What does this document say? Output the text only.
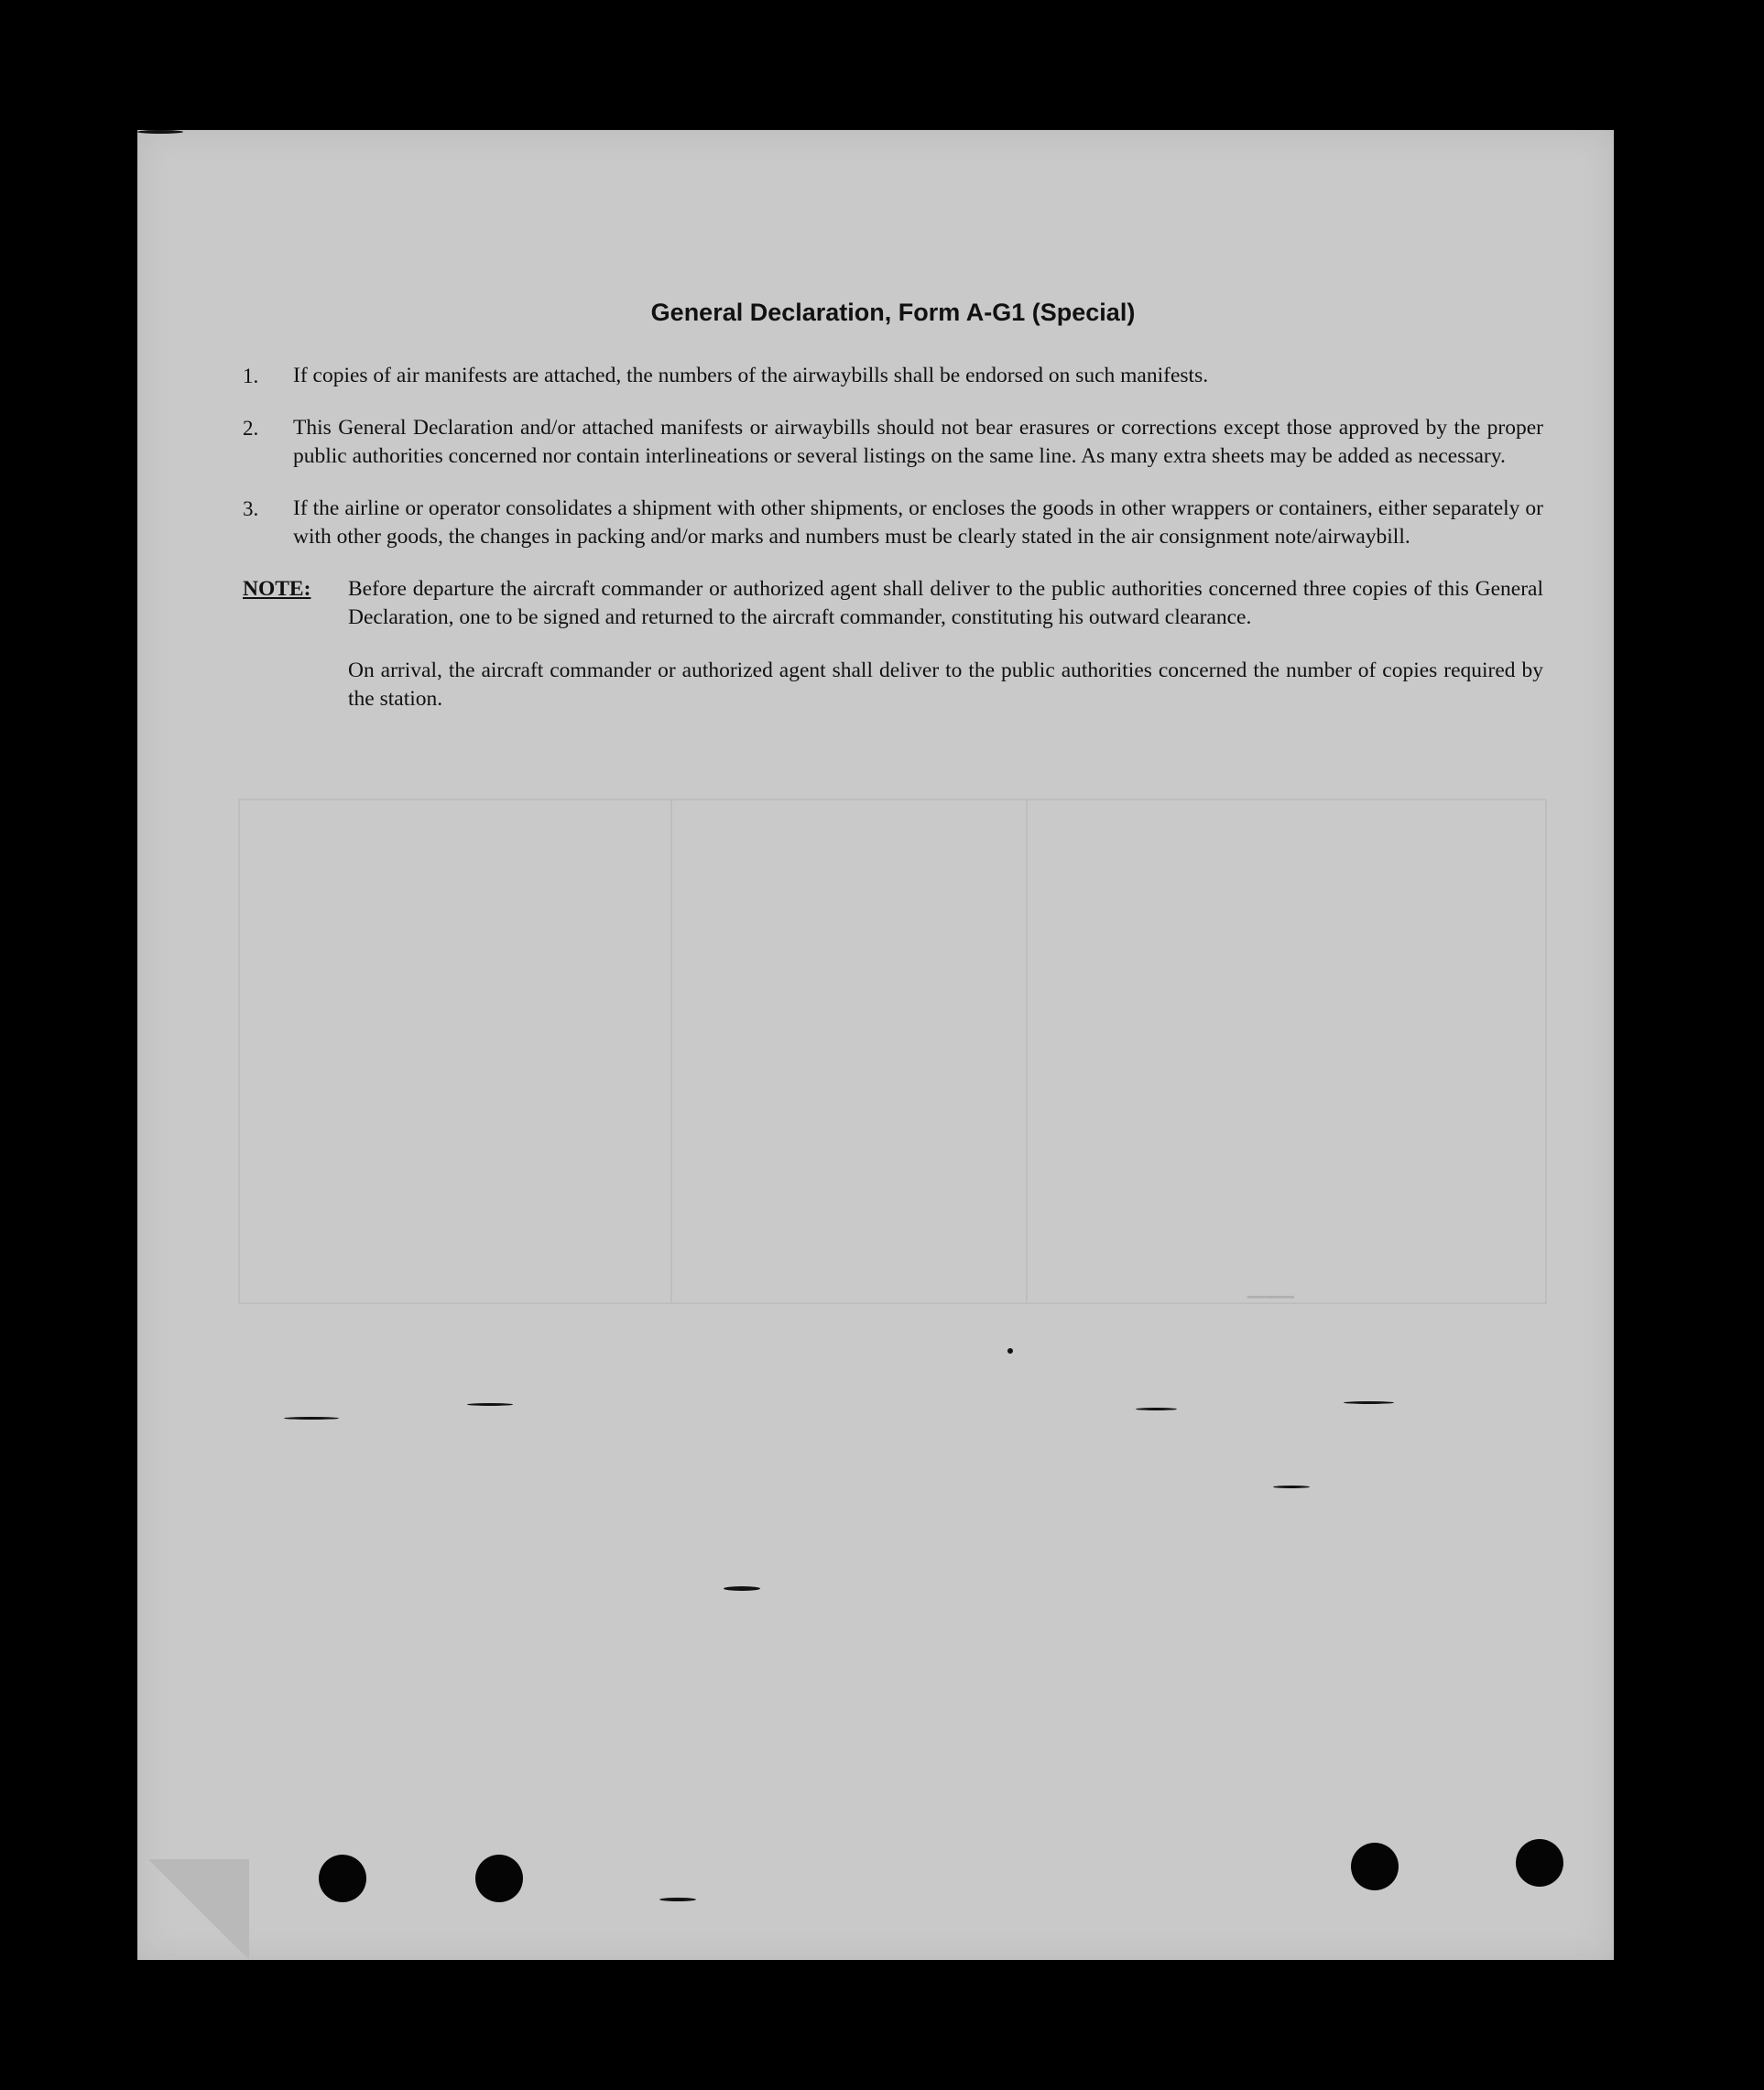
──
General Declaration, Form A-G1 (Special)
1.	If copies of air manifests are attached, the numbers of the airwaybills shall be endorsed on such manifests.
2.	This General Declaration and/or attached manifests or airwaybills should not bear erasures or corrections except those approved by the proper public authorities concerned nor contain interlineations or several listings on the same line. As many extra sheets may be added as necessary.
3.	If the airline or operator consolidates a shipment with other shipments, or encloses the goods in other wrappers or containers, either separately or with other goods, the changes in packing and/or marks and numbers must be clearly stated in the air consignment note/airwaybill.
NOTE:	Before departure the aircraft commander or authorized agent shall deliver to the public authorities concerned three copies of this General Declaration, one to be signed and returned to the aircraft commander, constituting his outward clearance.

On arrival, the aircraft commander or authorized agent shall deliver to the public authorities concerned the number of copies required by the station.
